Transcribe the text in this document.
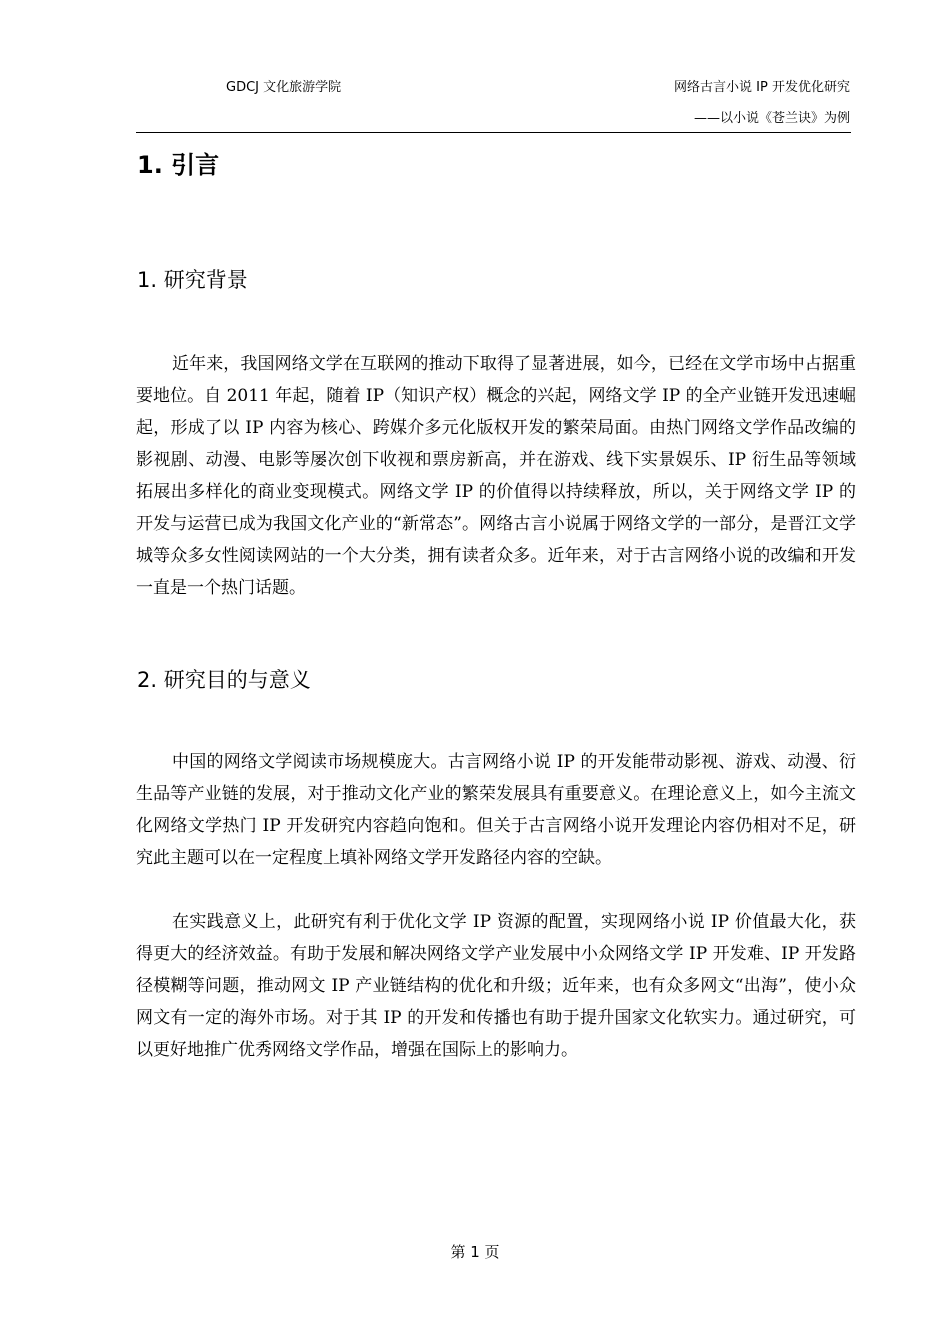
GDCJ 文化旅游学院	网络古言小说 IP 开发优化研究
——以小说《苍兰诀》为例
1. 引言
1. 研究背景

近年来，我国网络文学在互联网的推动下取得了显著进展，如今，已经在文学市场中占据重要地位。自 2011 年起，随着 IP（知识产权）概念的兴起，网络文学 IP 的全产业链开发迅速崛起，形成了以 IP 内容为核心、跨媒介多元化版权开发的繁荣局面。由热门网络文学作品改编的影视剧、动漫、电影等屡次创下收视和票房新高，并在游戏、线下实景娱乐、IP 衍生品等领域拓展出多样化的商业变现模式。网络文学 IP 的价值得以持续释放，所以，关于网络文学 IP 的开发与运营已成为我国文化产业的“新常态”。网络古言小说属于网络文学的一部分，是晋江文学城等众多女性阅读网站的一个大分类，拥有读者众多。近年来，对于古言网络小说的改编和开发一直是一个热门话题。

2. 研究目的与意义

中国的网络文学阅读市场规模庞大。古言网络小说 IP 的开发能带动影视、游戏、动漫、衍生品等产业链的发展，对于推动文化产业的繁荣发展具有重要意义。在理论意义上，如今主流文化网络文学热门 IP 开发研究内容趋向饱和。但关于古言网络小说开发理论内容仍相对不足，研究此主题可以在一定程度上填补网络文学开发路径内容的空缺。

在实践意义上，此研究有利于优化文学 IP 资源的配置，实现网络小说 IP 价值最大化，获得更大的经济效益。有助于发展和解决网络文学产业发展中小众网络文学 IP 开发难、IP 开发路径模糊等问题，推动网文 IP 产业链结构的优化和升级；近年来，也有众多网文“出海”，使小众网文有一定的海外市场。对于其 IP 的开发和传播也有助于提升国家文化软实力。通过研究，可以更好地推广优秀网络文学作品，增强在国际上的影响力。

第 1 页
